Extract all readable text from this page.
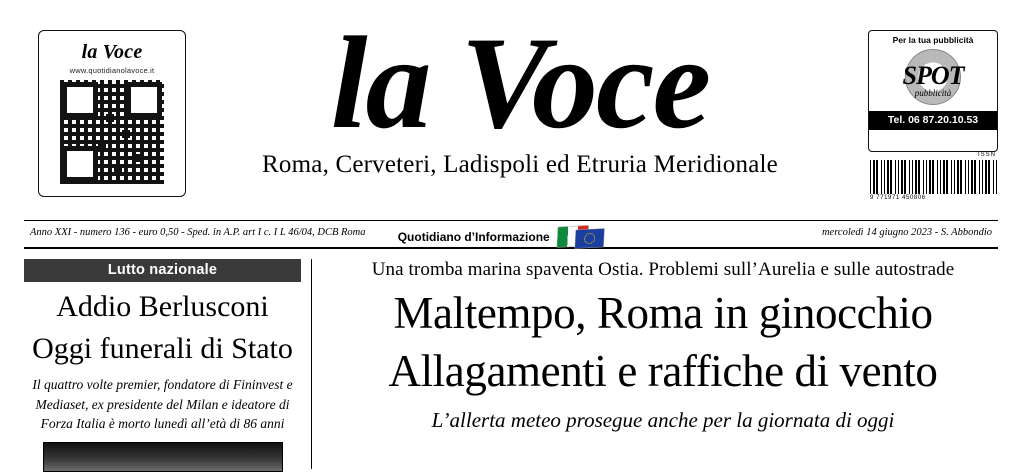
la Voce
www.quotidianolavoce.it	la Voce
Roma, Cerveteri, Ladispoli ed Etruria Meridionale
Per la tua pubblicità
SPOT
pubblicità
Tel. 06 87.20.10.53
ISSN
9 771971 450806
Anno XXI - numero 136 - euro 0,50 - Sped. in A.P. art I c. I L 46/04, DCB Roma	Quotidiano d’Informazione	mercoledì 14 giugno 2023 - S. Abbondio
Lutto nazionale
Addio Berlusconi
Oggi funerali di Stato
Il quattro volte premier, fondatore di Fininvest e Mediaset, ex presidente del Milan e ideatore di Forza Italia è morto lunedì all’età di 86 anni
Una tromba marina spaventa Ostia. Problemi sull’Aurelia e sulle autostrade
Maltempo, Roma in ginocchio
Allagamenti e raffiche di vento
L’allerta meteo prosegue anche per la giornata di oggi
